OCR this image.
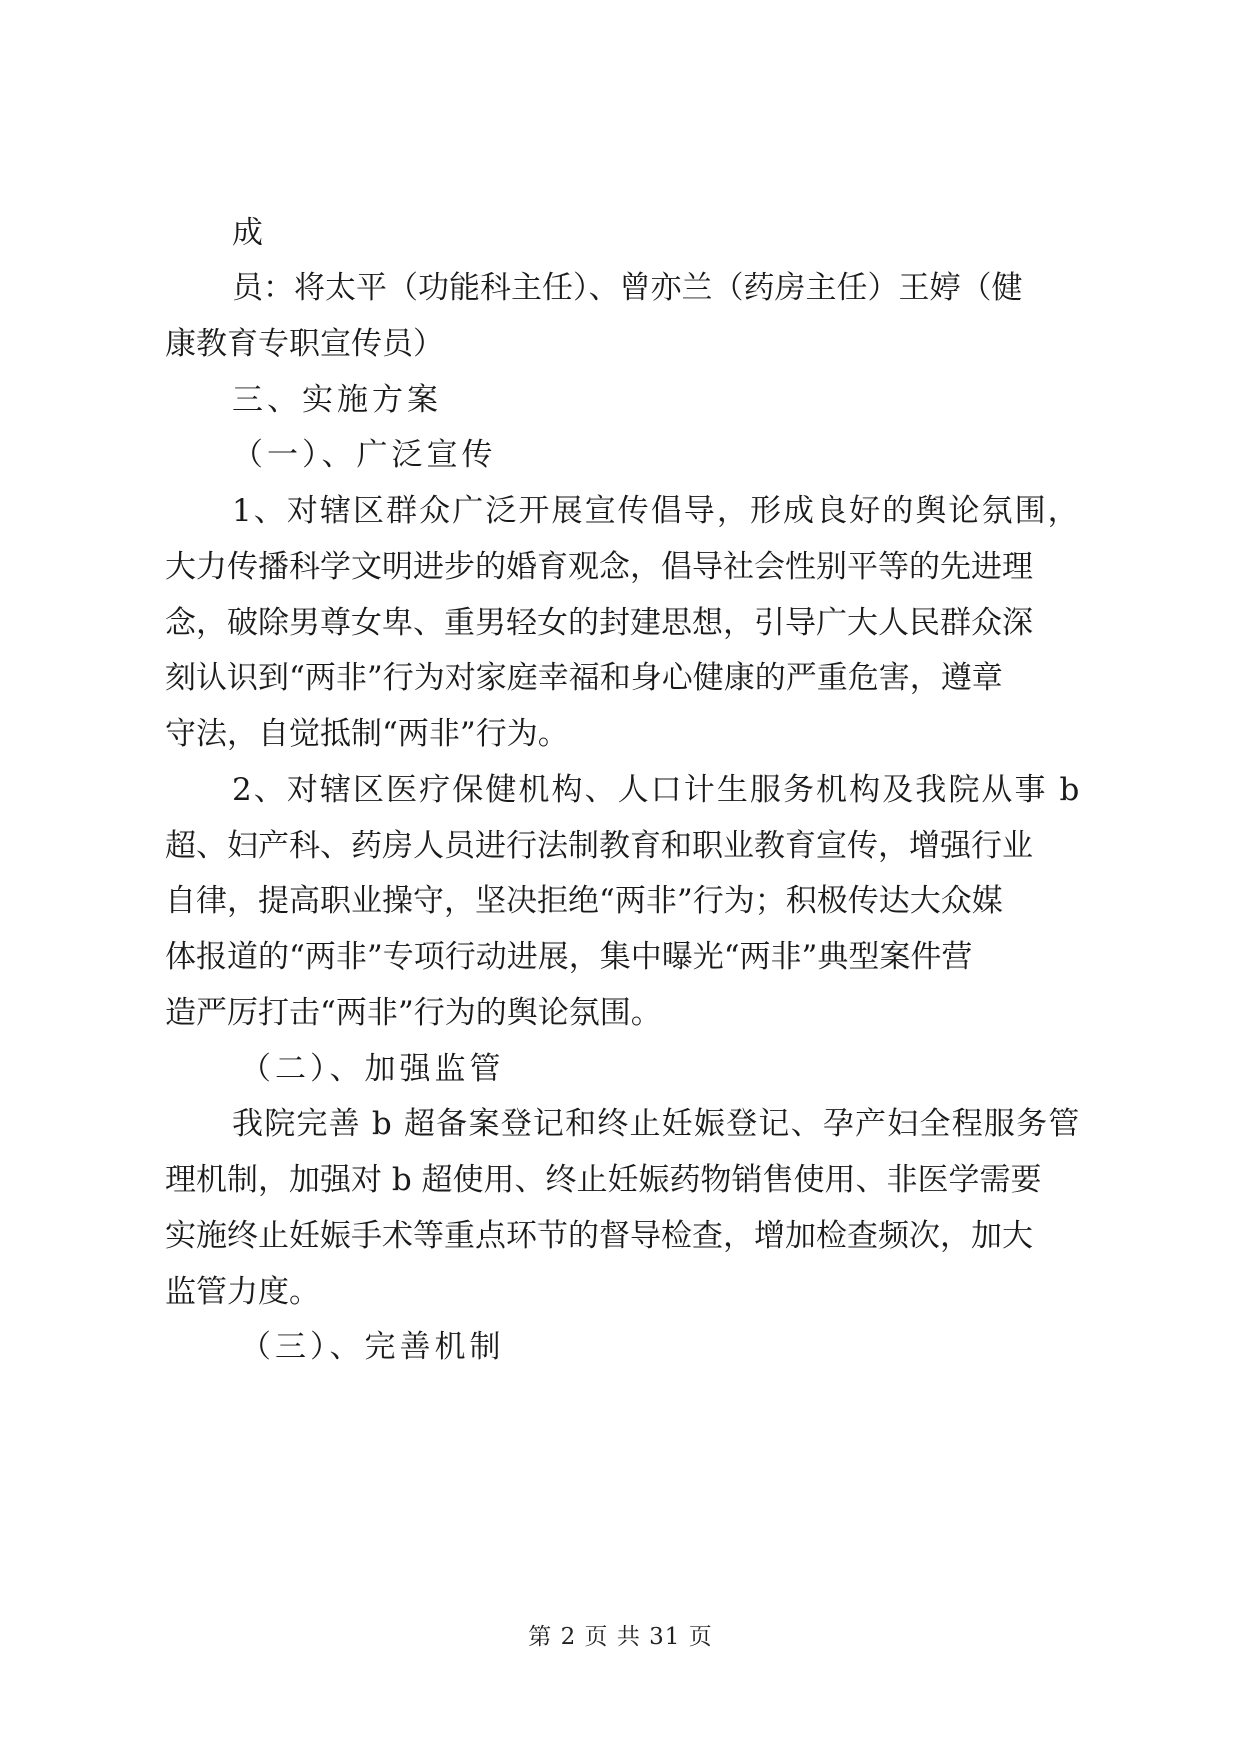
成
员：将太平（功能科主任）、曾亦兰（药房主任）王婷（健
康教育专职宣传员）
三、实施方案
（一）、广泛宣传
1、对辖区群众广泛开展宣传倡导，形成良好的舆论氛围，
大力传播科学文明进步的婚育观念，倡导社会性别平等的先进理
念，破除男尊女卑、重男轻女的封建思想，引导广大人民群众深
刻认识到“两非”行为对家庭幸福和身心健康的严重危害，遵章
守法，自觉抵制“两非”行为。
2、对辖区医疗保健机构、人口计生服务机构及我院从事 b
超、妇产科、药房人员进行法制教育和职业教育宣传，增强行业
自律，提高职业操守，坚决拒绝“两非”行为；积极传达大众媒
体报道的“两非”专项行动进展，集中曝光“两非”典型案件营
造严厉打击“两非”行为的舆论氛围。
（二）、加强监管
我院完善 b 超备案登记和终止妊娠登记、孕产妇全程服务管
理机制，加强对 b 超使用、终止妊娠药物销售使用、非医学需要
实施终止妊娠手术等重点环节的督导检查，增加检查频次，加大
监管力度。
（三）、完善机制
第 2 页 共 31 页
